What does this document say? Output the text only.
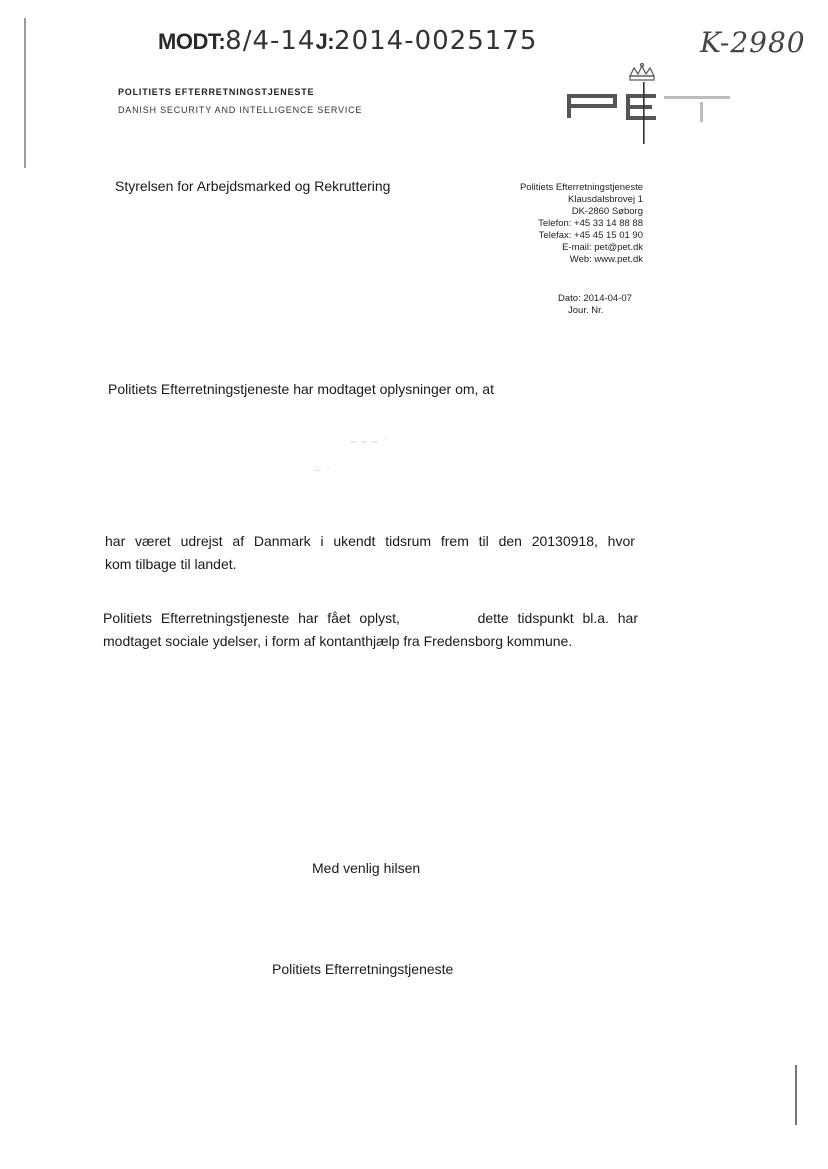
MODT:8/4-14J:2014-0025175	K-2980
POLITIETS EFTERRETNINGSTJENESTE
DANISH SECURITY AND INTELLIGENCE SERVICE
Styrelsen for Arbejdsmarked og Rekruttering	Politiets Efterretningstjeneste
Klausdalsbrovej 1
DK-2860 Søborg
Telefon: +45 33 14 88 88
Telefax: +45 45 15 01 90
E-mail: pet@pet.dk
Web: www.pet.dk
Dato: 2014-04-07
Jour. Nr.
Politiets Efterretningstjeneste har modtaget oplysninger om, at
– – – ‵
‥ ·
har været udrejst af Danmark i ukendt tidsrum frem til den 20130918, hvor
kom tilbage til landet.
Politiets Efterretningstjeneste har fået oplyst,	dette tidspunkt bl.a. har
modtaget sociale ydelser, i form af kontanthjælp fra Fredensborg kommune.
Med venlig hilsen
Politiets Efterretningstjeneste
